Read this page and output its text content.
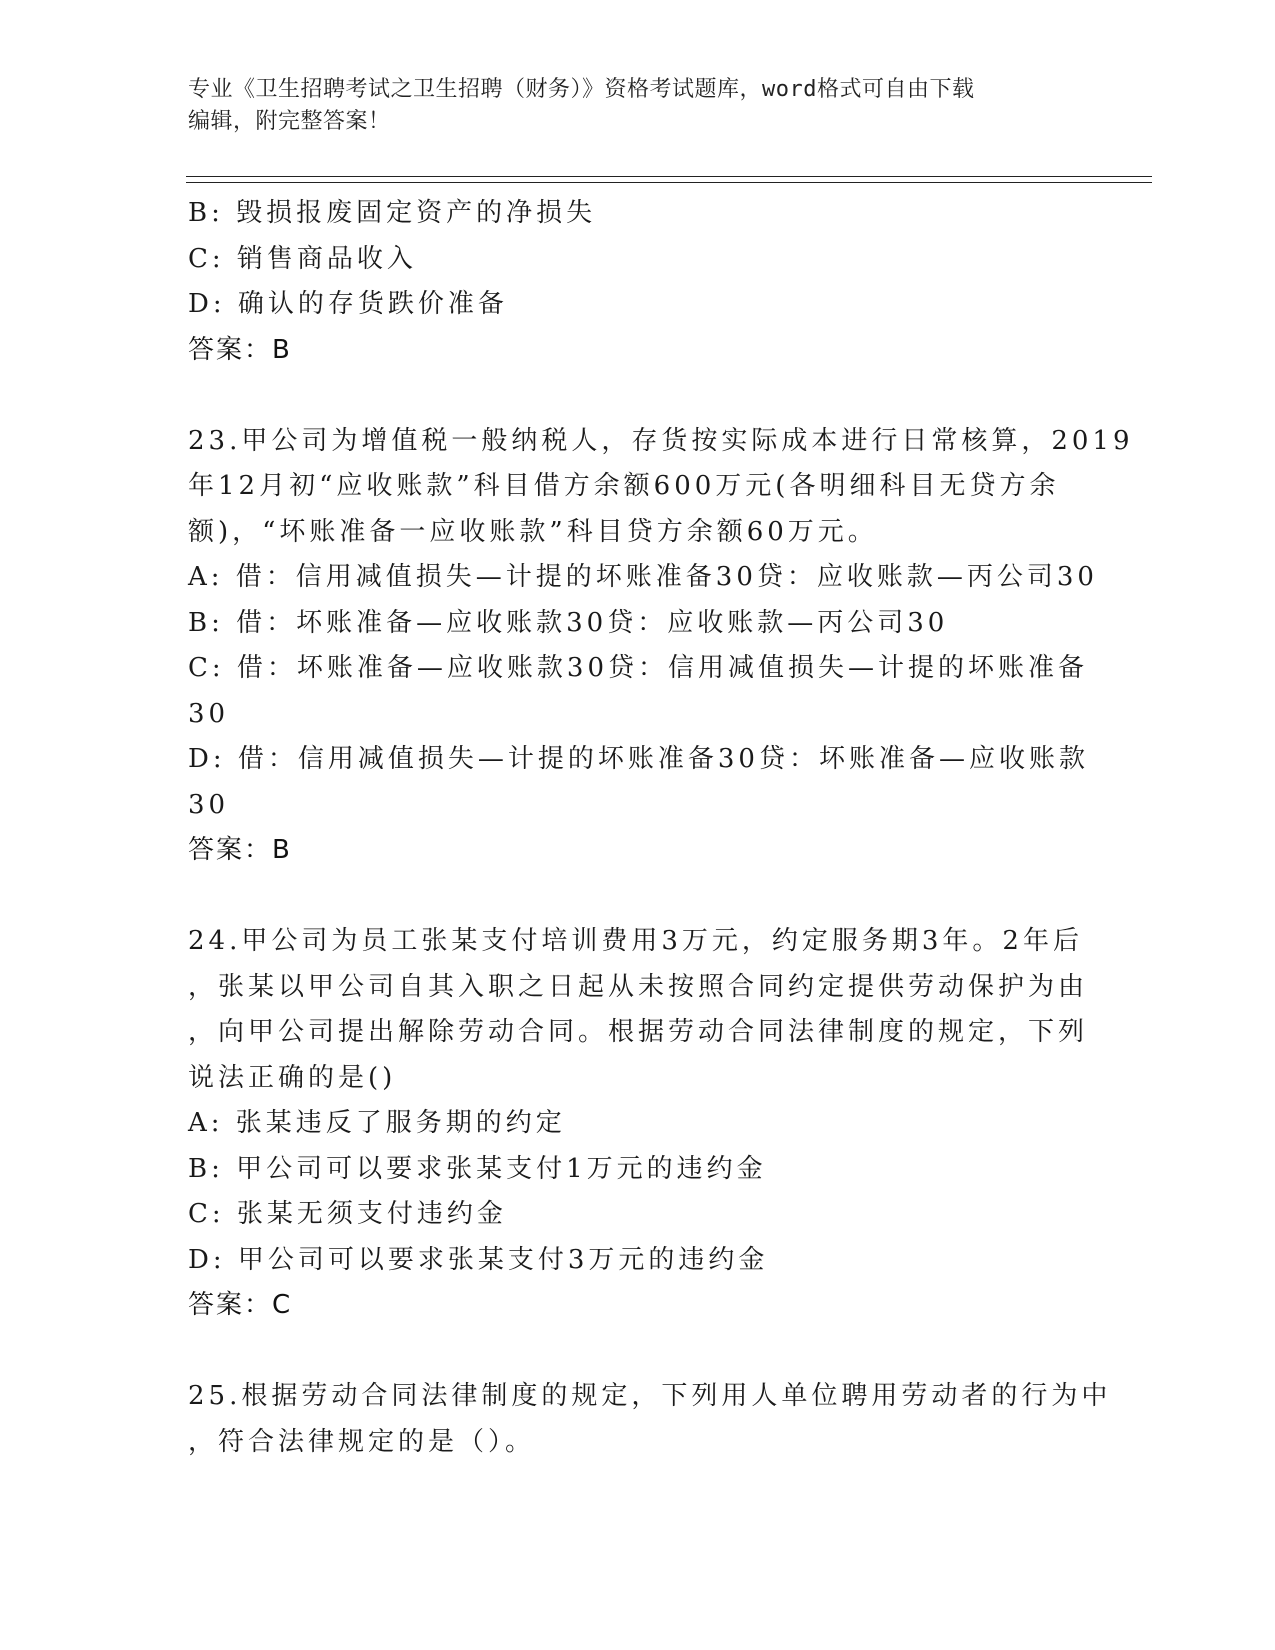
专业《卫生招聘考试之卫生招聘（财务）》资格考试题库，word格式可自由下载
编辑，附完整答案！
B: 毁损报废固定资产的净损失
C: 销售商品收入
D: 确认的存货跌价准备
答案：B
23.甲公司为增值税一般纳税人，存货按实际成本进行日常核算，2019
年12月初“应收账款”科目借方余额600万元(各明细科目无贷方余
额)，“坏账准备一应收账款”科目贷方余额60万元。
A: 借：信用减值损失—计提的坏账准备30贷：应收账款—丙公司30
B: 借：坏账准备—应收账款30贷：应收账款—丙公司30
C: 借：坏账准备—应收账款30贷：信用减值损失—计提的坏账准备
30
D: 借：信用减值损失—计提的坏账准备30贷：坏账准备—应收账款
30
答案：B
24.甲公司为员工张某支付培训费用3万元，约定服务期3年。2年后
，张某以甲公司自其入职之日起从未按照合同约定提供劳动保护为由
，向甲公司提出解除劳动合同。根据劳动合同法律制度的规定，下列
说法正确的是()
A: 张某违反了服务期的约定
B: 甲公司可以要求张某支付1万元的违约金
C: 张某无须支付违约金
D: 甲公司可以要求张某支付3万元的违约金
答案：C
25.根据劳动合同法律制度的规定，下列用人单位聘用劳动者的行为中
，符合法律规定的是（）。
